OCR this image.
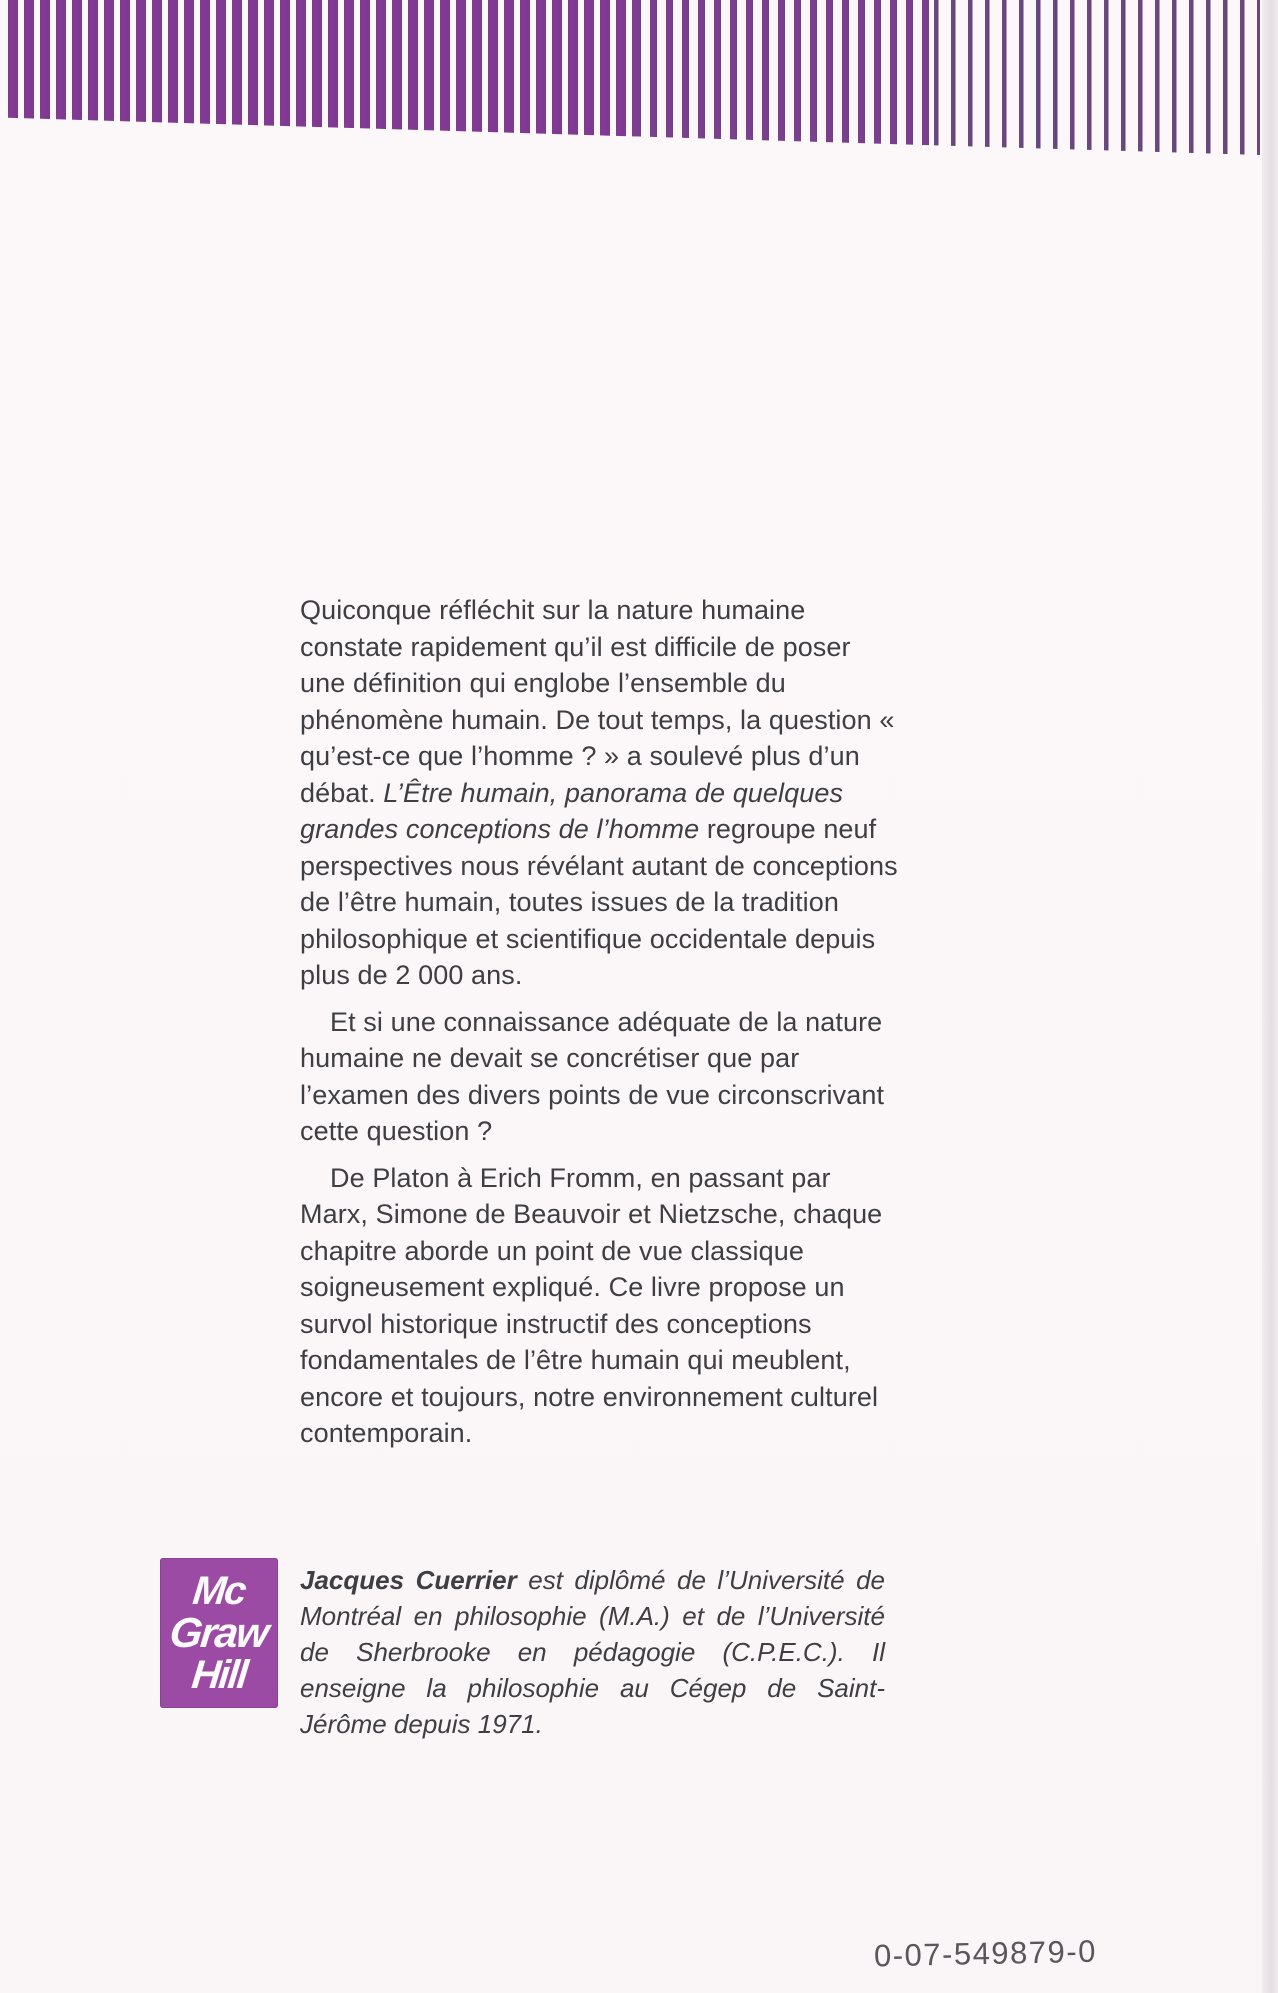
Quiconque réfléchit sur la nature humaine constate rapidement qu’il est difficile de poser une définition qui englobe l’ensemble du phénomène humain. De tout temps, la question « qu’est-ce que l’homme ? » a soulevé plus d’un débat. L’Être humain, panorama de quelques grandes conceptions de l’homme regroupe neuf perspectives nous révélant autant de conceptions de l’être humain, toutes issues de la tradition philosophique et scientifique occidentale depuis plus de 2 000 ans.

Et si une connaissance adéquate de la nature humaine ne devait se concrétiser que par l’examen des divers points de vue circonscrivant cette question ?

De Platon à Erich Fromm, en passant par Marx, Simone de Beauvoir et Nietzsche, chaque chapitre aborde un point de vue classique soigneusement expliqué. Ce livre propose un survol historique instructif des conceptions fondamentales de l’être humain qui meublent, encore et toujours, notre environnement culturel contemporain.

Mc
Graw
Hill

Jacques Cuerrier est diplômé de l’Université de Montréal en philosophie (M.A.) et de l’Université de Sherbrooke en pédagogie (C.P.E.C.). Il enseigne la philosophie au Cégep de Saint-Jérôme depuis 1971.

0-07-549879-0
